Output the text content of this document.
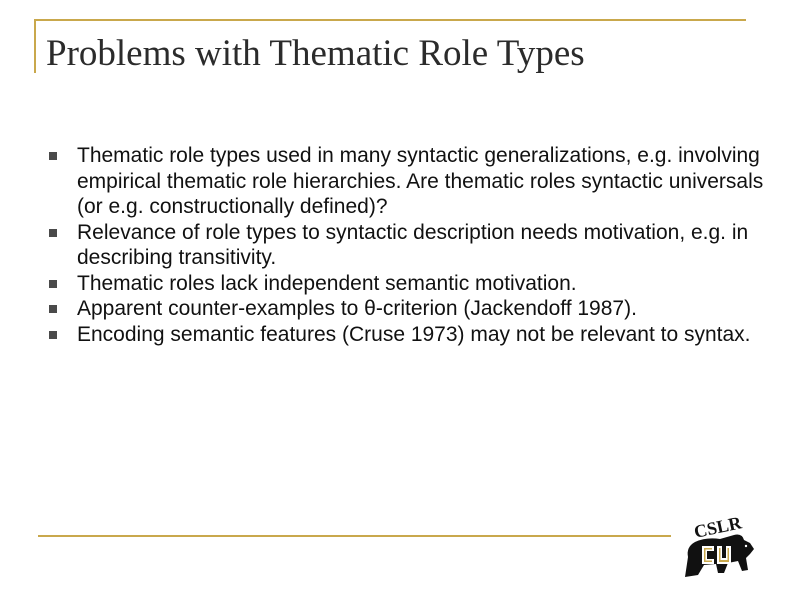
Problems with Thematic Role Types
Thematic role types used in many syntactic generalizations, e.g. involving empirical thematic role hierarchies. Are thematic roles syntactic universals (or e.g. constructionally defined)?
Relevance of role types to syntactic description needs motivation, e.g. in describing transitivity.
Thematic roles lack independent semantic motivation.
Apparent counter-examples to θ-criterion (Jackendoff 1987).
Encoding semantic features (Cruse 1973) may not be relevant to syntax.
CSLR
